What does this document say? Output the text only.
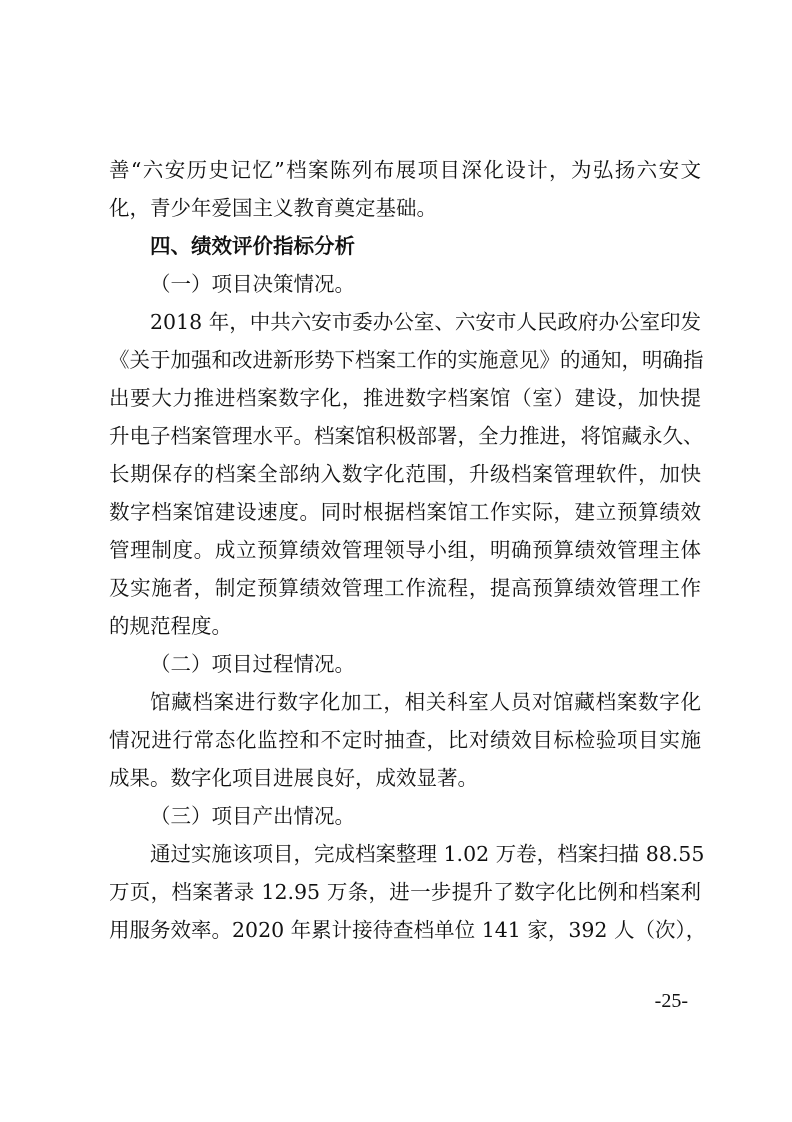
善“六安历史记忆”档案陈列布展项目深化设计，为弘扬六安文
化，青少年爱国主义教育奠定基础。
四、绩效评价指标分析
（一）项目决策情况。
2018 年，中共六安市委办公室、六安市人民政府办公室印发
《关于加强和改进新形势下档案工作的实施意见》的通知，明确指
出要大力推进档案数字化，推进数字档案馆（室）建设，加快提
升电子档案管理水平。档案馆积极部署，全力推进，将馆藏永久、
长期保存的档案全部纳入数字化范围，升级档案管理软件，加快
数字档案馆建设速度。同时根据档案馆工作实际，建立预算绩效
管理制度。成立预算绩效管理领导小组，明确预算绩效管理主体
及实施者，制定预算绩效管理工作流程，提高预算绩效管理工作
的规范程度。
（二）项目过程情况。
馆藏档案进行数字化加工，相关科室人员对馆藏档案数字化
情况进行常态化监控和不定时抽查，比对绩效目标检验项目实施
成果。数字化项目进展良好，成效显著。
（三）项目产出情况。
通过实施该项目，完成档案整理 1.02 万卷，档案扫描 88.55
万页，档案著录 12.95 万条，进一步提升了数字化比例和档案利
用服务效率。2020 年累计接待查档单位 141 家，392 人（次），
-25-
